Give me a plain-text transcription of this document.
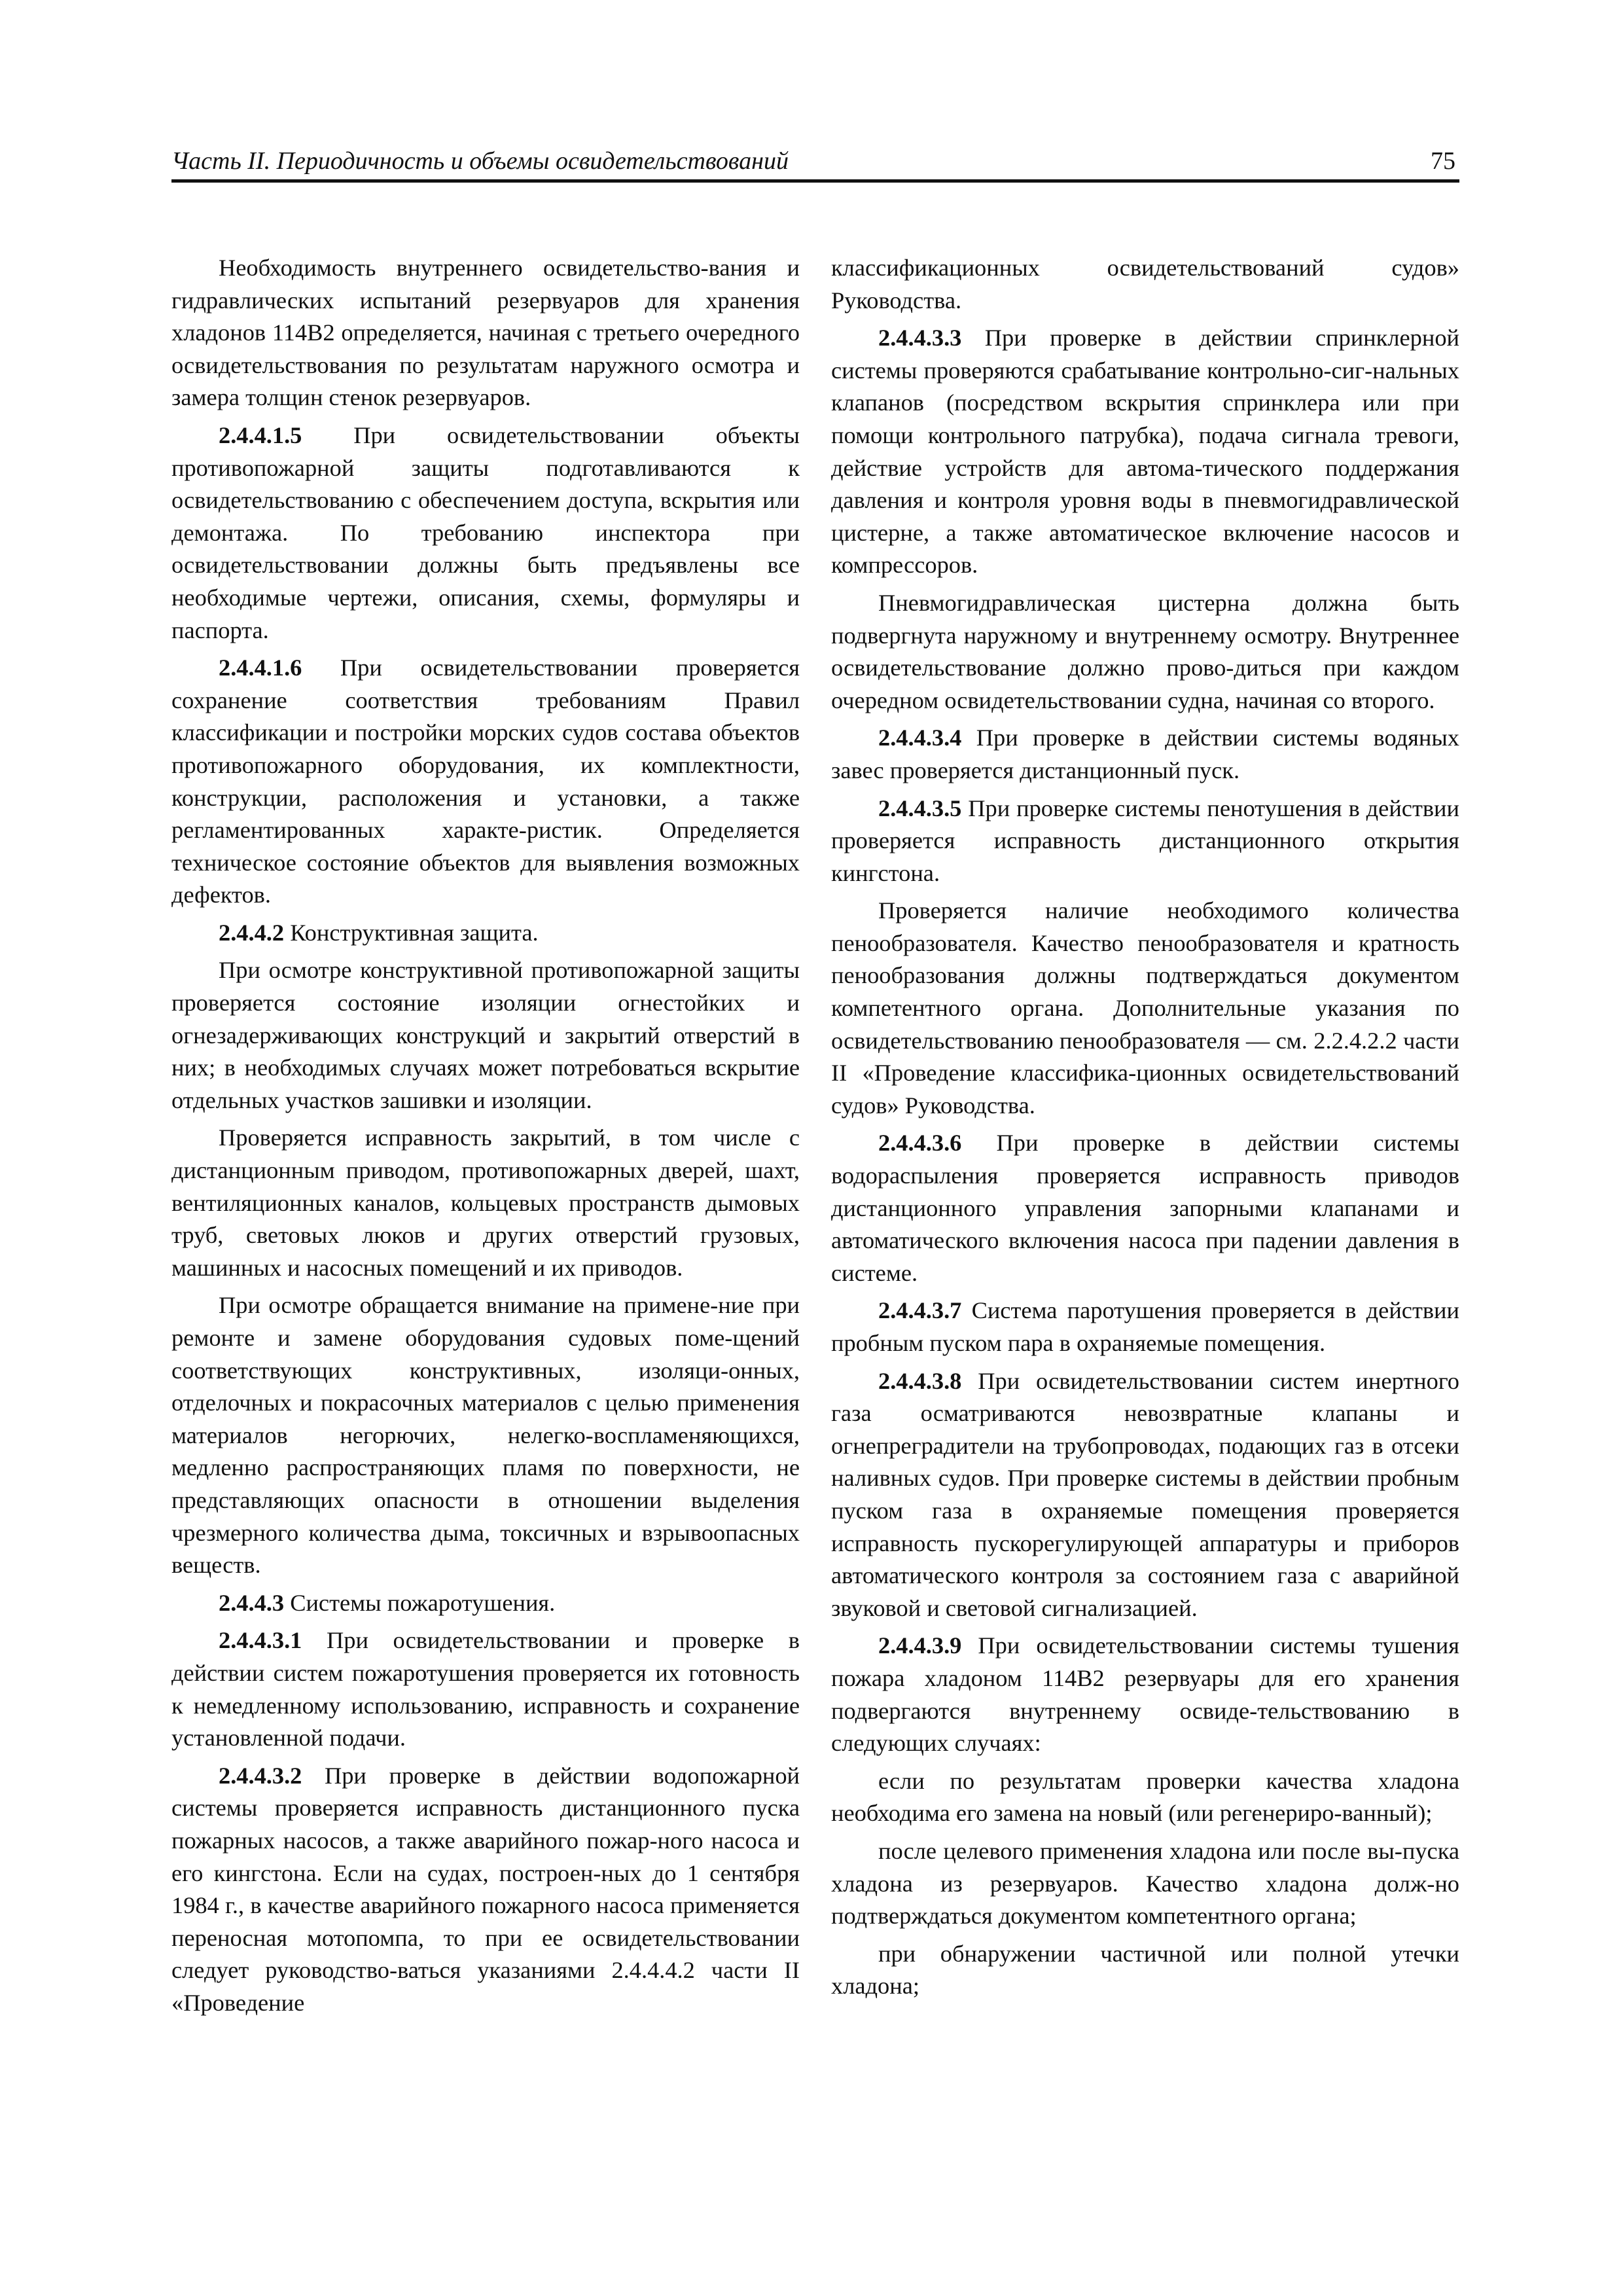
Часть II. Периодичность и объемы освидетельствований	75

Необходимость внутреннего освидетельство-вания и гидравлических испытаний резервуаров для хранения хладонов 114В2 определяется, начиная с третьего очередного освидетельствования по результатам наружного осмотра и замера толщин стенок резервуаров.

2.4.4.1.5 При освидетельствовании объекты противопожарной защиты подготавливаются к освидетельствованию с обеспечением доступа, вскрытия или демонтажа. По требованию инспектора при освидетельствовании должны быть предъявлены все необходимые чертежи, описания, схемы, формуляры и паспорта.

2.4.4.1.6 При освидетельствовании проверяется сохранение соответствия требованиям Правил классификации и постройки морских судов состава объектов противопожарного оборудования, их комплектности, конструкции, расположения и установки, а также регламентированных характе-ристик. Определяется техническое состояние объектов для выявления возможных дефектов.

2.4.4.2 Конструктивная защита.

При осмотре конструктивной противопожарной защиты проверяется состояние изоляции огнестойких и огнезадерживающих конструкций и закрытий отверстий в них; в необходимых случаях может потребоваться вскрытие отдельных участков зашивки и изоляции.

Проверяется исправность закрытий, в том числе с дистанционным приводом, противопожарных дверей, шахт, вентиляционных каналов, кольцевых пространств дымовых труб, световых люков и других отверстий грузовых, машинных и насосных помещений и их приводов.

При осмотре обращается внимание на примене-ние при ремонте и замене оборудования судовых поме-щений соответствующих конструктивных, изоляци-онных, отделочных и покрасочных материалов с целью применения материалов негорючих, нелегко-воспламеняющихся, медленно распространяющих пламя по поверхности, не представляющих опасности в отношении выделения чрезмерного количества дыма, токсичных и взрывоопасных веществ.

2.4.4.3 Системы пожаротушения.

2.4.4.3.1 При освидетельствовании и проверке в действии систем пожаротушения проверяется их готовность к немедленному использованию, исправность и сохранение установленной подачи.

2.4.4.3.2 При проверке в действии водопожарной системы проверяется исправность дистанционного пуска пожарных насосов, а также аварийного пожар-ного насоса и его кингстона. Если на судах, построен-ных до 1 сентября 1984 г., в качестве аварийного пожарного насоса применяется переносная мотопомпа, то при ее освидетельствовании следует руководство-ваться указаниями 2.4.4.4.2 части II «Проведение

классификационных освидетельствований судов» Руководства.

2.4.4.3.3 При проверке в действии спринклерной системы проверяются срабатывание контрольно-сиг-нальных клапанов (посредством вскрытия спринклера или при помощи контрольного патрубка), подача сигнала тревоги, действие устройств для автома-тического поддержания давления и контроля уровня воды в пневмогидравлической цистерне, а также автоматическое включение насосов и компрессоров.

Пневмогидравлическая цистерна должна быть подвергнута наружному и внутреннему осмотру. Внутреннее освидетельствование должно прово-диться при каждом очередном освидетельствовании судна, начиная со второго.

2.4.4.3.4 При проверке в действии системы водяных завес проверяется дистанционный пуск.

2.4.4.3.5 При проверке системы пенотушения в действии проверяется исправность дистанционного открытия кингстона.

Проверяется наличие необходимого количества пенообразователя. Качество пенообразователя и кратность пенообразования должны подтверждаться документом компетентного органа. Дополнительные указания по освидетельствованию пенообразователя — см. 2.2.4.2.2 части II «Проведение классифика-ционных освидетельствований судов» Руководства.

2.4.4.3.6 При проверке в действии системы водораспыления проверяется исправность приводов дистанционного управления запорными клапанами и автоматического включения насоса при падении давления в системе.

2.4.4.3.7 Система паротушения проверяется в действии пробным пуском пара в охраняемые помещения.

2.4.4.3.8 При освидетельствовании систем инертного газа осматриваются невозвратные клапаны и огнепреградители на трубопроводах, подающих газ в отсеки наливных судов. При проверке системы в действии пробным пуском газа в охраняемые помещения проверяется исправность пускорегулирующей аппаратуры и приборов автоматического контроля за состоянием газа с аварийной звуковой и световой сигнализацией.

2.4.4.3.9 При освидетельствовании системы тушения пожара хладоном 114В2 резервуары для его хранения подвергаются внутреннему освиде-тельствованию в следующих случаях:

если по результатам проверки качества хладона необходима его замена на новый (или регенериро-ванный);

после целевого применения хладона или после вы-пуска хладона из резервуаров. Качество хладона долж-но подтверждаться документом компетентного органа;

при обнаружении частичной или полной утечки хладона;
